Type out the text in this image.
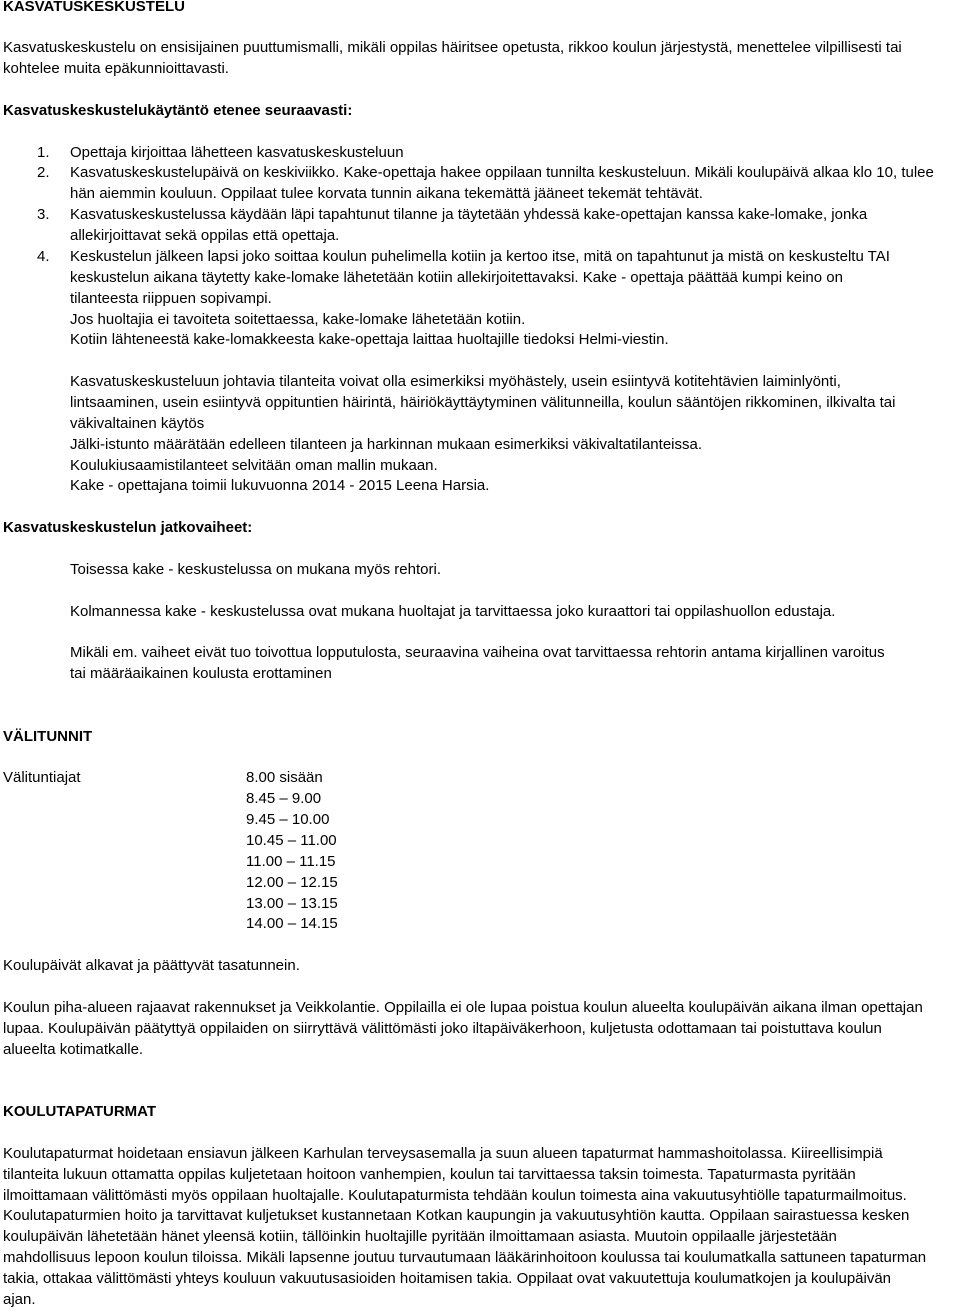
KASVATUSKESKUSTELU
Kasvatuskeskustelu on ensisijainen puuttumismalli, mikäli oppilas häiritsee opetusta, rikkoo koulun järjestystä, menettelee vilpillisesti tai
kohtelee muita epäkunnioittavasti.
Kasvatuskeskustelukäytäntö etenee seuraavasti:
1. Opettaja kirjoittaa lähetteen kasvatuskeskusteluun
2. Kasvatuskeskustelupäivä on keskiviikko. Kake-opettaja hakee oppilaan tunnilta keskusteluun. Mikäli koulupäivä alkaa klo 10, tulee
hän aiemmin kouluun. Oppilaat tulee korvata tunnin aikana tekemättä jääneet tekemät tehtävät.
3. Kasvatuskeskustelussa käydään läpi tapahtunut tilanne ja täytetään yhdessä kake-opettajan kanssa kake-lomake, jonka
allekirjoittavat sekä oppilas että opettaja.
4. Keskustelun jälkeen lapsi joko soittaa koulun puhelimella kotiin ja kertoo itse, mitä on tapahtunut ja mistä on keskusteltu TAI
keskustelun aikana täytetty kake-lomake lähetetään kotiin allekirjoitettavaksi. Kake - opettaja päättää kumpi keino on
tilanteesta riippuen sopivampi.
Jos huoltajia ei tavoiteta soitettaessa, kake-lomake lähetetään kotiin.
Kotiin lähteneestä kake-lomakkeesta kake-opettaja laittaa huoltajille tiedoksi Helmi-viestin.
Kasvatuskeskusteluun johtavia tilanteita voivat olla esimerkiksi myöhästely, usein esiintyvä kotitehtävien laiminlyönti,
lintsaaminen, usein esiintyvä oppituntien häirintä, häiriökäyttäytyminen välitunneilla, koulun sääntöjen rikkominen, ilkivalta tai
väkivaltainen käytös
Jälki-istunto määrätään edelleen tilanteen ja harkinnan mukaan esimerkiksi väkivaltatilanteissa.
Koulukiusaamistilanteet selvitään oman mallin mukaan.
Kake - opettajana toimii lukuvuonna 2014 - 2015 Leena Harsia.
Kasvatuskeskustelun jatkovaiheet:
Toisessa kake - keskustelussa on mukana myös rehtori.
Kolmannessa kake - keskustelussa ovat mukana huoltajat ja tarvittaessa joko kuraattori tai oppilashuollon edustaja.
Mikäli em. vaiheet eivät tuo toivottua lopputulosta, seuraavina vaiheina ovat tarvittaessa rehtorin antama kirjallinen varoitus
tai määräaikainen koulusta erottaminen
VÄLITUNNIT
Välituntiajat	8.00 sisään
8.45 – 9.00
9.45 – 10.00
10.45 – 11.00
11.00 – 11.15
12.00 – 12.15
13.00 – 13.15
14.00 – 14.15
Koulupäivät alkavat ja päättyvät tasatunnein.
Koulun piha-alueen rajaavat rakennukset ja Veikkolantie. Oppilailla ei ole lupaa poistua koulun alueelta koulupäivän aikana ilman opettajan
lupaa. Koulupäivän päätyttyä oppilaiden on siirryttävä välittömästi joko iltapäiväkerhoon, kuljetusta odottamaan tai poistuttava koulun
alueelta kotimatkalle.
KOULUTAPATURMAT
Koulutapaturmat hoidetaan ensiavun jälkeen Karhulan terveysasemalla ja suun alueen tapaturmat hammashoitolassa. Kiireellisimpiä
tilanteita lukuun ottamatta oppilas kuljetetaan hoitoon vanhempien, koulun tai tarvittaessa taksin toimesta. Tapaturmasta pyritään
ilmoittamaan välittömästi myös oppilaan huoltajalle. Koulutapaturmista tehdään koulun toimesta aina vakuutusyhtiölle tapaturmailmoitus.
Koulutapaturmien hoito ja tarvittavat kuljetukset kustannetaan Kotkan kaupungin ja vakuutusyhtiön kautta. Oppilaan sairastuessa kesken
koulupäivän lähetetään hänet yleensä kotiin, tällöinkin huoltajille pyritään ilmoittamaan asiasta. Muutoin oppilaalle järjestetään
mahdollisuus lepoon koulun tiloissa. Mikäli lapsenne joutuu turvautumaan lääkärinhoitoon koulussa tai koulumatkalla sattuneen tapaturman
takia, ottakaa välittömästi yhteys kouluun vakuutusasioiden hoitamisen takia. Oppilaat ovat vakuutettuja koulumatkojen ja koulupäivän
ajan.
